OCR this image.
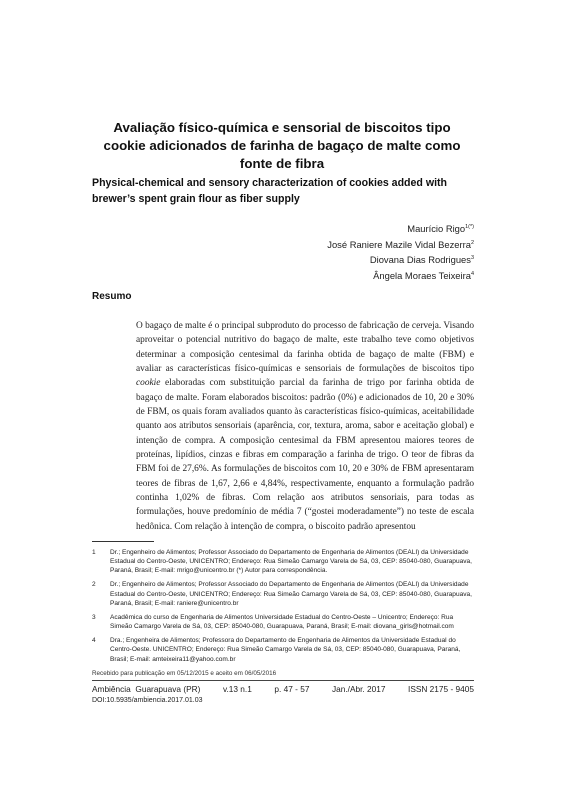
Avaliação físico-química e sensorial de biscoitos tipo cookie adicionados de farinha de bagaço de malte como fonte de fibra
Physical-chemical and sensory characterization of cookies added with brewer’s spent grain flour as fiber supply
Maurício Rigo$^{1(*)}$
José Raniere Mazile Vidal Bezerra$^2$
Diovana Dias Rodrigues$^3$
Ângela Moraes Teixeira$^4$
Resumo
O bagaço de malte é o principal subproduto do processo de fabricação de cerveja. Visando aproveitar o potencial nutritivo do bagaço de malte, este trabalho teve como objetivos determinar a composição centesimal da farinha obtida de bagaço de malte (FBM) e avaliar as características físico-químicas e sensoriais de formulações de biscoitos tipo cookie elaboradas com substituição parcial da farinha de trigo por farinha obtida de bagaço de malte. Foram elaborados biscoitos: padrão (0%) e adicionados de 10, 20 e 30% de FBM, os quais foram avaliados quanto às características físico-químicas, aceitabilidade quanto aos atributos sensoriais (aparência, cor, textura, aroma, sabor e aceitação global) e intenção de compra. A composição centesimal da FBM apresentou maiores teores de proteínas, lipídios, cinzas e fibras em comparação a farinha de trigo. O teor de fibras da FBM foi de 27,6%. As formulações de biscoitos com 10, 20 e 30% de FBM apresentaram teores de fibras de 1,67, 2,66 e 4,84%, respectivamente, enquanto a formulação padrão continha 1,02% de fibras. Com relação aos atributos sensoriais, para todas as formulações, houve predomínio de média 7 (“gostei moderadamente”) no teste de escala hedônica. Com relação à intenção de compra, o biscoito padrão apresentou
1	Dr.; Engenheiro de Alimentos; Professor Associado do Departamento de Engenharia de Alimentos (DEALI) da Universidade Estadual do Centro-Oeste, UNICENTRO; Endereço: Rua Simeão Camargo Varela de Sá, 03, CEP: 85040-080, Guarapuava, Paraná, Brasil; E-mail: mrigo@unicentro.br (*) Autor para correspondência.
2	Dr.; Engenheiro de Alimentos; Professor Associado do Departamento de Engenharia de Alimentos (DEALI) da Universidade Estadual do Centro-Oeste, UNICENTRO; Endereço: Rua Simeão Camargo Varela de Sá, 03, CEP: 85040-080, Guarapuava, Paraná, Brasil; E-mail: raniere@unicentro.br
3	Acadêmica do curso de Engenharia de Alimentos Universidade Estadual do Centro-Oeste – Unicentro; Endereço: Rua Simeão Camargo Varela de Sá, 03, CEP: 85040-080, Guarapuava, Paraná, Brasil; E-mail: diovana_girls@hotmail.com
4	Dra.; Engenheira de Alimentos; Professora do Departamento de Engenharia de Alimentos da Universidade Estadual do Centro-Oeste. UNICENTRO; Endereço: Rua Simeão Camargo Varela de Sá, 03, CEP: 85040-080, Guarapuava, Paraná, Brasil; E-mail: amteixeira11@yahoo.com.br
Recebido para publicação em 05/12/2015 e aceito em 06/05/2016
Ambiência Guarapuava (PR)	v.13 n.1	p. 47 - 57	Jan./Abr. 2017	ISSN 2175 - 9405
DOI:10.5935/ambiencia.2017.01.03
